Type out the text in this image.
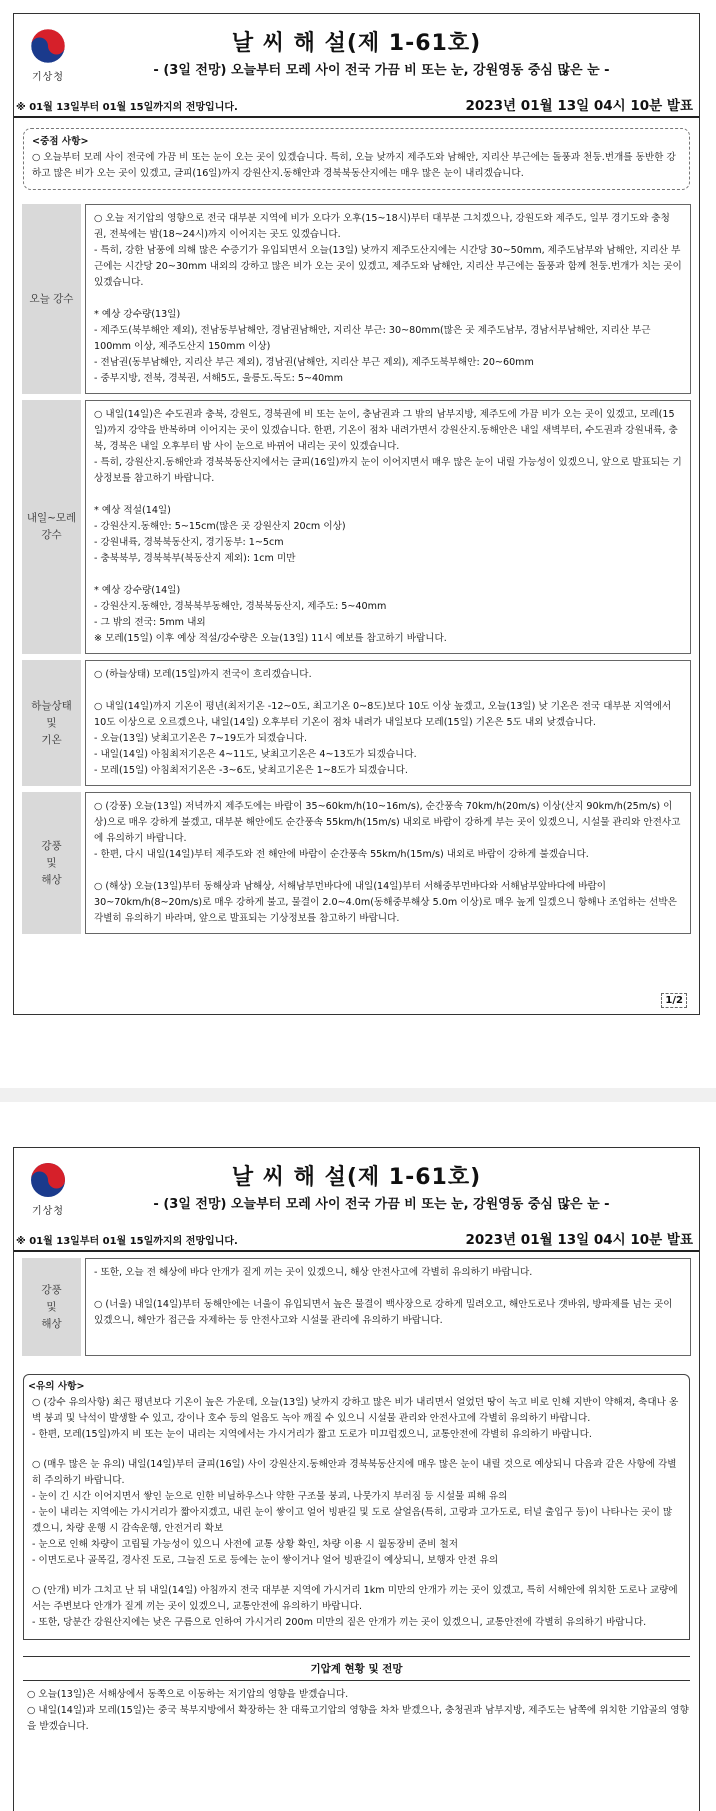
기상청
날 씨 해 설(제 1-61호)
- (3일 전망) 오늘부터 모레 사이 전국 가끔 비 또는 눈, 강원영동 중심 많은 눈 -
※ 01월 13일부터 01월 15일까지의 전망입니다.	2023년 01월 13일 04시 10분 발표
<중점 사항>
○ 오늘부터 모레 사이 전국에 가끔 비 또는 눈이 오는 곳이 있겠습니다. 특히, 오늘 낮까지 제주도와 남해안, 지리산 부근에는 돌풍과 천둥.번개를 동반한 강하고 많은 비가 오는 곳이 있겠고, 글피(16일)까지 강원산지.동해안과 경북북동산지에는 매우 많은 눈이 내리겠습니다.
오늘 강수

○ 오늘 저기압의 영향으로 전국 대부분 지역에 비가 오다가 오후(15~18시)부터 대부분 그치겠으나, 강원도와 제주도, 일부 경기도와 충청권, 전북에는 밤(18~24시)까지 이어지는 곳도 있겠습니다.

- 특히, 강한 남풍에 의해 많은 수증기가 유입되면서 오늘(13일) 낮까지 제주도산지에는 시간당 30~50mm, 제주도남부와 남해안, 지리산 부근에는 시간당 20~30mm 내외의 강하고 많은 비가 오는 곳이 있겠고, 제주도와 남해안, 지리산 부근에는 돌풍과 함께 천둥.번개가 치는 곳이 있겠습니다.

* 예상 강수량(13일)

- 제주도(북부해안 제외), 전남동부남해안, 경남권남해안, 지리산 부근: 30~80mm(많은 곳 제주도남부, 경남서부남해안, 지리산 부근 100mm 이상, 제주도산지 150mm 이상)

- 전남권(동부남해안, 지리산 부근 제외), 경남권(남해안, 지리산 부근 제외), 제주도북부해안: 20~60mm

- 중부지방, 전북, 경북권, 서해5도, 울릉도.독도: 5~40mm

내일~모레
강수

○ 내일(14일)은 수도권과 충북, 강원도, 경북권에 비 또는 눈이, 충남권과 그 밖의 남부지방, 제주도에 가끔 비가 오는 곳이 있겠고, 모레(15일)까지 강약을 반복하며 이어지는 곳이 있겠습니다. 한편, 기온이 점차 내려가면서 강원산지.동해안은 내일 새벽부터, 수도권과 강원내륙, 충북, 경북은 내일 오후부터 밤 사이 눈으로 바뀌어 내리는 곳이 있겠습니다.

- 특히, 강원산지.동해안과 경북북동산지에서는 글피(16일)까지 눈이 이어지면서 매우 많은 눈이 내릴 가능성이 있겠으니, 앞으로 발표되는 기상정보를 참고하기 바랍니다.

* 예상 적설(14일)

- 강원산지.동해안: 5~15cm(많은 곳 강원산지 20cm 이상)

- 강원내륙, 경북북동산지, 경기동부: 1~5cm

- 충북북부, 경북북부(북동산지 제외): 1cm 미만

* 예상 강수량(14일)

- 강원산지.동해안, 경북북부동해안, 경북북동산지, 제주도: 5~40mm

- 그 밖의 전국: 5mm 내외

※ 모레(15일) 이후 예상 적설/강수량은 오늘(13일) 11시 예보를 참고하기 바랍니다.

하늘상태
및
기온

○ (하늘상태) 모레(15일)까지 전국이 흐리겠습니다.

○ 내일(14일)까지 기온이 평년(최저기온 -12~0도, 최고기온 0~8도)보다 10도 이상 높겠고, 오늘(13일) 낮 기온은 전국 대부분 지역에서 10도 이상으로 오르겠으나, 내일(14일) 오후부터 기온이 점차 내려가 내일보다 모레(15일) 기온은 5도 내외 낮겠습니다.

- 오늘(13일) 낮최고기온은 7~19도가 되겠습니다.

- 내일(14일) 아침최저기온은 4~11도, 낮최고기온은 4~13도가 되겠습니다.

- 모레(15일) 아침최저기온은 -3~6도, 낮최고기온은 1~8도가 되겠습니다.

강풍
및
해상

○ (강풍) 오늘(13일) 저녁까지 제주도에는 바람이 35~60km/h(10~16m/s), 순간풍속 70km/h(20m/s) 이상(산지 90km/h(25m/s) 이상)으로 매우 강하게 불겠고, 대부분 해안에도 순간풍속 55km/h(15m/s) 내외로 바람이 강하게 부는 곳이 있겠으니, 시설물 관리와 안전사고에 유의하기 바랍니다.

- 한편, 다시 내일(14일)부터 제주도와 전 해안에 바람이 순간풍속 55km/h(15m/s) 내외로 바람이 강하게 불겠습니다.

○ (해상) 오늘(13일)부터 동해상과 남해상, 서해남부먼바다에 내일(14일)부터 서해중부먼바다와 서해남부앞바다에 바람이 30~70km/h(8~20m/s)로 매우 강하게 불고, 물결이 2.0~4.0m(동해중부해상 5.0m 이상)로 매우 높게 일겠으니 항해나 조업하는 선박은 각별히 유의하기 바라며, 앞으로 발표되는 기상정보를 참고하기 바랍니다.

1/2
기상청
날 씨 해 설(제 1-61호)
- (3일 전망) 오늘부터 모레 사이 전국 가끔 비 또는 눈, 강원영동 중심 많은 눈 -
※ 01월 13일부터 01월 15일까지의 전망입니다.	2023년 01월 13일 04시 10분 발표
강풍
및
해상

- 또한, 오늘 전 해상에 바다 안개가 짙게 끼는 곳이 있겠으니, 해상 안전사고에 각별히 유의하기 바랍니다.

○ (너울) 내일(14일)부터 동해안에는 너울이 유입되면서 높은 물결이 백사장으로 강하게 밀려오고, 해안도로나 갯바위, 방파제를 넘는 곳이 있겠으니, 해안가 접근을 자제하는 등 안전사고와 시설물 관리에 유의하기 바랍니다.

<유의 사항>

○ (강수 유의사항) 최근 평년보다 기온이 높은 가운데, 오늘(13일) 낮까지 강하고 많은 비가 내리면서 얼었던 땅이 녹고 비로 인해 지반이 약해져, 축대나 옹벽 붕괴 및 낙석이 발생할 수 있고, 강이나 호수 등의 얼음도 녹아 깨질 수 있으니 시설물 관리와 안전사고에 각별히 유의하기 바랍니다.

- 한편, 모레(15일)까지 비 또는 눈이 내리는 지역에서는 가시거리가 짧고 도로가 미끄럽겠으니, 교통안전에 각별히 유의하기 바랍니다.

○ (매우 많은 눈 유의) 내일(14일)부터 글피(16일) 사이 강원산지.동해안과 경북북동산지에 매우 많은 눈이 내릴 것으로 예상되니 다음과 같은 사항에 각별히 주의하기 바랍니다.

- 눈이 긴 시간 이어지면서 쌓인 눈으로 인한 비닐하우스나 약한 구조물 붕괴, 나뭇가지 부러짐 등 시설물 피해 유의

- 눈이 내리는 지역에는 가시거리가 짧아지겠고, 내린 눈이 쌓이고 얼어 빙판길 및 도로 살얼음(특히, 고랑과 고가도로, 터널 출입구 등)이 나타나는 곳이 많겠으니, 차량 운행 시 감속운행, 안전거리 확보

- 눈으로 인해 차량이 고립될 가능성이 있으니 사전에 교통 상황 확인, 차량 이용 시 월동장비 준비 철저

- 이면도로나 골목길, 경사진 도로, 그늘진 도로 등에는 눈이 쌓이거나 얼어 빙판길이 예상되니, 보행자 안전 유의

○ (안개) 비가 그치고 난 뒤 내일(14일) 아침까지 전국 대부분 지역에 가시거리 1km 미만의 안개가 끼는 곳이 있겠고, 특히 서해안에 위치한 도로나 교량에서는 주변보다 안개가 짙게 끼는 곳이 있겠으니, 교통안전에 유의하기 바랍니다.

- 또한, 당분간 강원산지에는 낮은 구름으로 인하여 가시거리 200m 미만의 짙은 안개가 끼는 곳이 있겠으니, 교통안전에 각별히 유의하기 바랍니다.

기압계 현황 및 전망

○ 오늘(13일)은 서해상에서 동쪽으로 이동하는 저기압의 영향을 받겠습니다.

○ 내일(14일)과 모레(15일)는 중국 북부지방에서 확장하는 찬 대륙고기압의 영향을 차차 받겠으나, 충청권과 남부지방, 제주도는 남쪽에 위치한 기압골의 영향을 받겠습니다.
